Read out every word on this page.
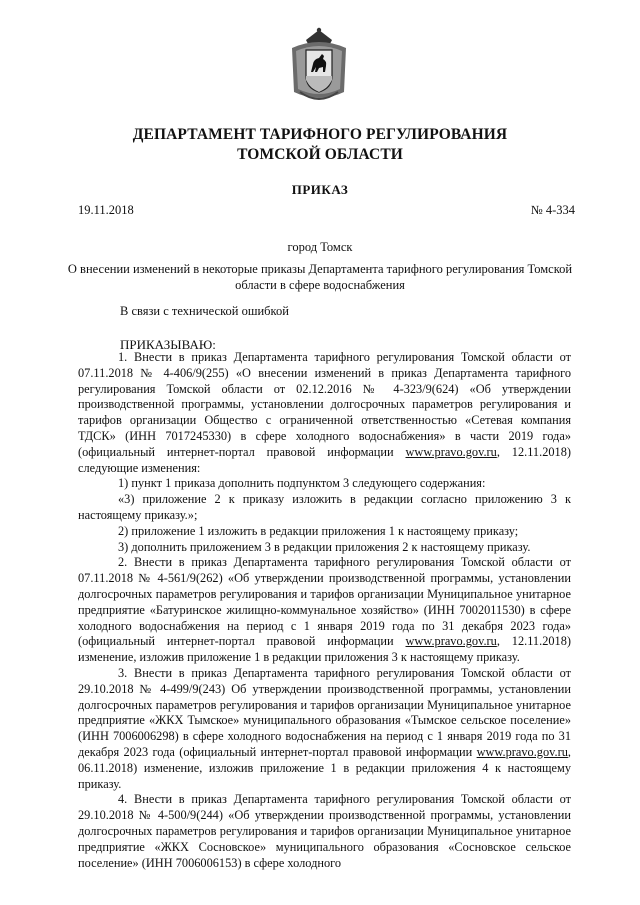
ДЕПАРТАМЕНТ ТАРИФНОГО РЕГУЛИРОВАНИЯ
ТОМСКОЙ ОБЛАСТИ
ПРИКАЗ
19.11.2018	№ 4-334
город Томск
О внесении изменений в некоторые приказы Департамента тарифного регулирования Томской области в сфере водоснабжения
В связи с технической ошибкой
ПРИКАЗЫВАЮ:

1. Внести в приказ Департамента тарифного регулирования Томской области от 07.11.2018 № 4-406/9(255) «О внесении изменений в приказ Департамента тарифного регулирования Томской области от 02.12.2016 № 4-323/9(624) «Об утверждении производственной программы, установлении долгосрочных параметров регулирования и тарифов организации Общество с ограниченной ответственностью «Сетевая компания ТДСК» (ИНН 7017245330) в сфере холодного водоснабжения» в части 2019 года» (официальный интернет-портал правовой информации www.pravo.gov.ru, 12.11.2018) следующие изменения:

1) пункт 1 приказа дополнить подпунктом 3 следующего содержания:

«3) приложение 2 к приказу изложить в редакции согласно приложению 3 к настоящему приказу.»;

2) приложение 1 изложить в редакции приложения 1 к настоящему приказу;

3) дополнить приложением 3 в редакции приложения 2 к настоящему приказу.

2. Внести в приказ Департамента тарифного регулирования Томской области от 07.11.2018 № 4-561/9(262) «Об утверждении производственной программы, установлении долгосрочных параметров регулирования и тарифов организации Муниципальное унитарное предприятие «Батуринское жилищно-коммунальное хозяйство» (ИНН 7002011530) в сфере холодного водоснабжения на период с 1 января 2019 года по 31 декабря 2023 года» (официальный интернет-портал правовой информации www.pravo.gov.ru, 12.11.2018) изменение, изложив приложение 1 в редакции приложения 3 к настоящему приказу.

3. Внести в приказ Департамента тарифного регулирования Томской области от 29.10.2018 № 4-499/9(243) Об утверждении производственной программы, установлении долгосрочных параметров регулирования и тарифов организации Муниципальное унитарное предприятие «ЖКХ Тымское» муниципального образования «Тымское сельское поселение» (ИНН 7006006298) в сфере холодного водоснабжения на период с 1 января 2019 года по 31 декабря 2023 года (официальный интернет-портал правовой информации www.pravo.gov.ru, 06.11.2018) изменение, изложив приложение 1 в редакции приложения 4 к настоящему приказу.

4. Внести в приказ Департамента тарифного регулирования Томской области от 29.10.2018 № 4-500/9(244) «Об утверждении производственной программы, установлении долгосрочных параметров регулирования и тарифов организации Муниципальное унитарное предприятие «ЖКХ Сосновское» муниципального образования «Сосновское сельское поселение» (ИНН 7006006153) в сфере холодного
